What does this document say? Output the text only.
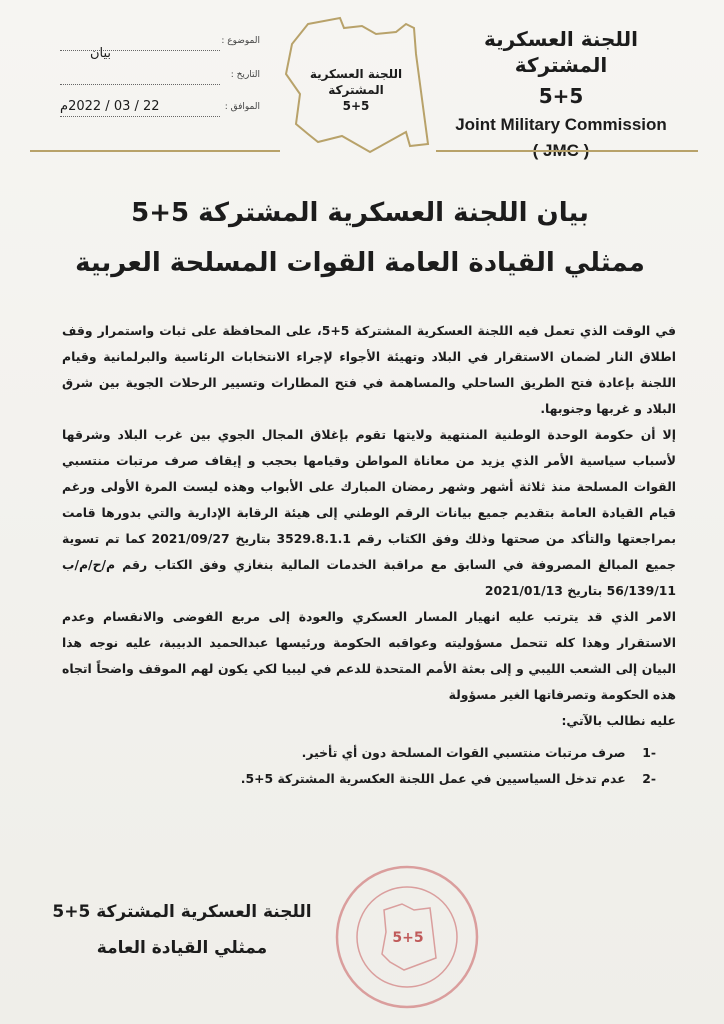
اللجنة العسكرية المشتركة

5+5

Joint Military Commission

( JMC )

اللجنة العسكرية المشتركة
5+5
الموضوع :
بيان
التاريخ :
الموافق :
22 / 03 / 2022م
بيان اللجنة العسكرية المشتركة 5+5
ممثلي القيادة العامة القوات المسلحة العربية

في الوقت الذي تعمل فيه اللجنة العسكرية المشتركة 5+5، على المحافظة على ثبات واستمرار وقف اطلاق النار لضمان الاستقرار في البلاد وتهيئة الأجواء لإجراء الانتخابات الرئاسية والبرلمانية وقيام اللجنة بإعادة فتح الطريق الساحلي والمساهمة في فتح المطارات وتسيير الرحلات الجوية بين شرق البلاد و غربها وجنوبها.

إلا أن حكومة الوحدة الوطنية المنتهية ولايتها تقوم بإغلاق المجال الجوي بين غرب البلاد وشرقها لأسباب سياسية الأمر الذي يزيد من معاناة المواطن وقيامها بحجب و إيقاف صرف مرتبات منتسبي القوات المسلحة منذ ثلاثة أشهر وشهر رمضان المبارك على الأبواب وهذه ليست المرة الأولى ورغم قيام القيادة العامة بتقديم جميع بيانات الرقم الوطني إلى هيئة الرقابة الإدارية والتي بدورها قامت بمراجعتها والتأكد من صحتها وذلك وفق الكتاب رقم 3529.8.1.1 بتاريخ 2021/09/27 كما تم تسوية جميع المبالغ المصروفة في السابق مع مراقبة الخدمات المالية بنغازي وفق الكتاب رقم م/ح/م/ب 56/139/11 بتاريخ 2021/01/13

الامر الذي قد يترتب عليه انهيار المسار العسكري والعودة إلى مربع الفوضى والانقسام وعدم الاستقرار وهذا كله تتحمل مسؤوليته وعواقبه الحكومة ورئيسها عبدالحميد الدبيبة، عليه نوجه هذا البيان إلى الشعب الليبي و إلى بعثة الأمم المتحدة للدعم في ليبيا لكي يكون لهم الموقف واضحاً اتجاه هذه الحكومة وتصرفاتها الغير مسؤولة

عليه نطالب بالآتي:

-1 صرف مرتبات منتسبي القوات المسلحة دون أي تأخير.
-2 عدم تدخل السياسيين في عمل اللجنة العكسرية المشتركة 5+5.
5+5

اللجنة العسكرية المشتركة 5+5

ممثلي القيادة العامة
